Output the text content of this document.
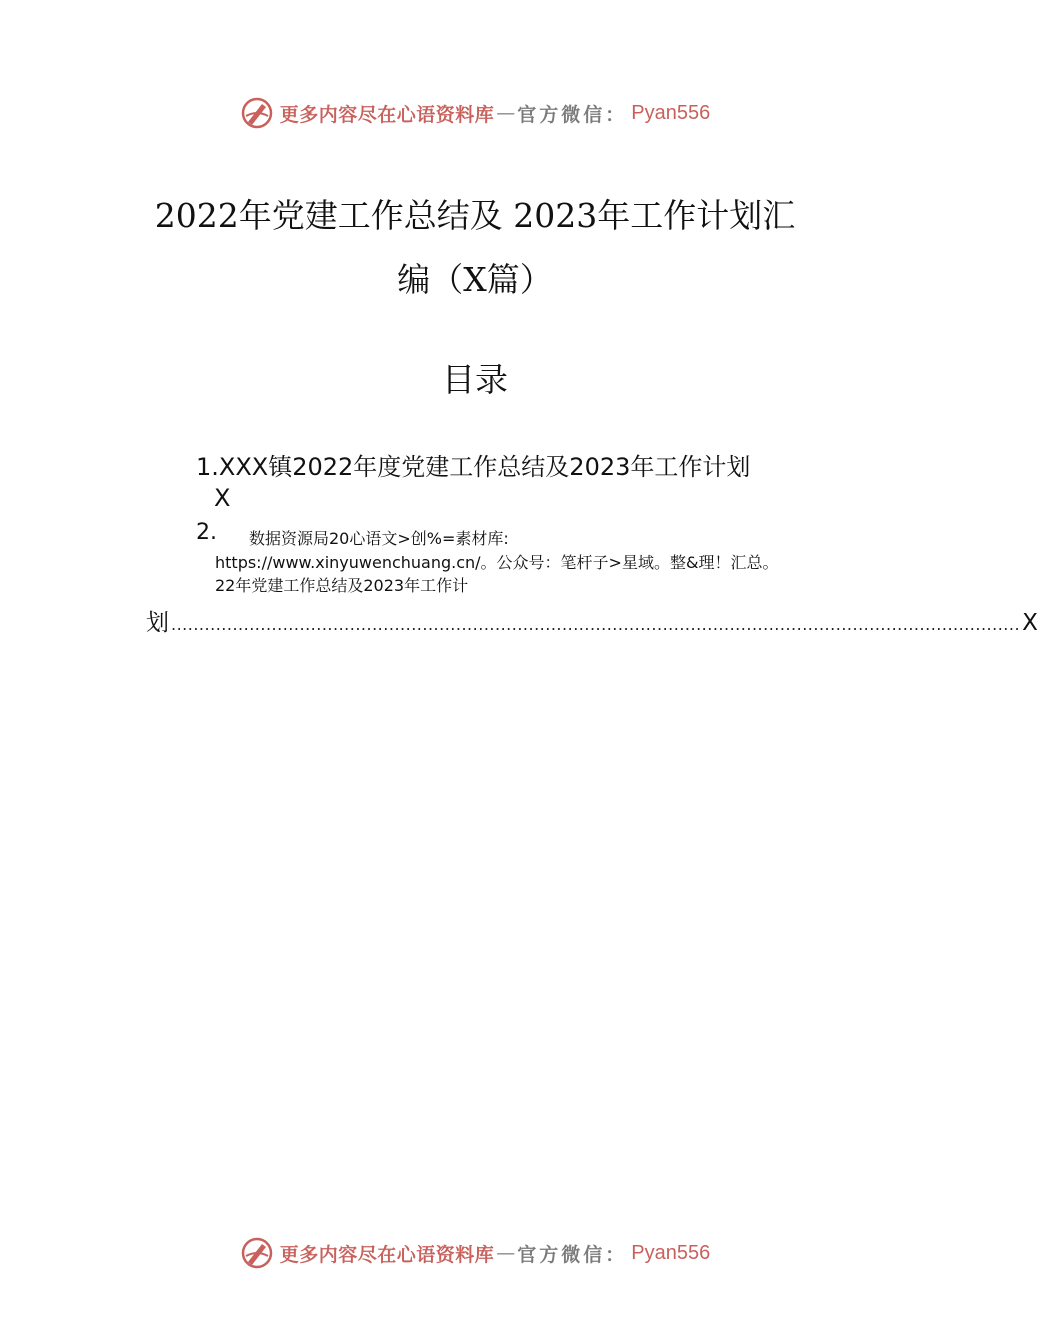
更多内容尽在心语资料库 — 官方微信： Pyan556
2022年党建工作总结及 2023年工作计划汇
编（X篇）
目录
1.XXX镇2022年度党建工作总结及2023年工作计划
X
2. 数据资源局20心语文>创%=素材库:
https://www.xinyuwenchuang.cn/。公众号：笔杆子>星域。整&理！汇总。
22年党建工作总结及2023年工作计
划 ........................................................................................................................................................ X
更多内容尽在心语资料库 — 官方微信： Pyan556
